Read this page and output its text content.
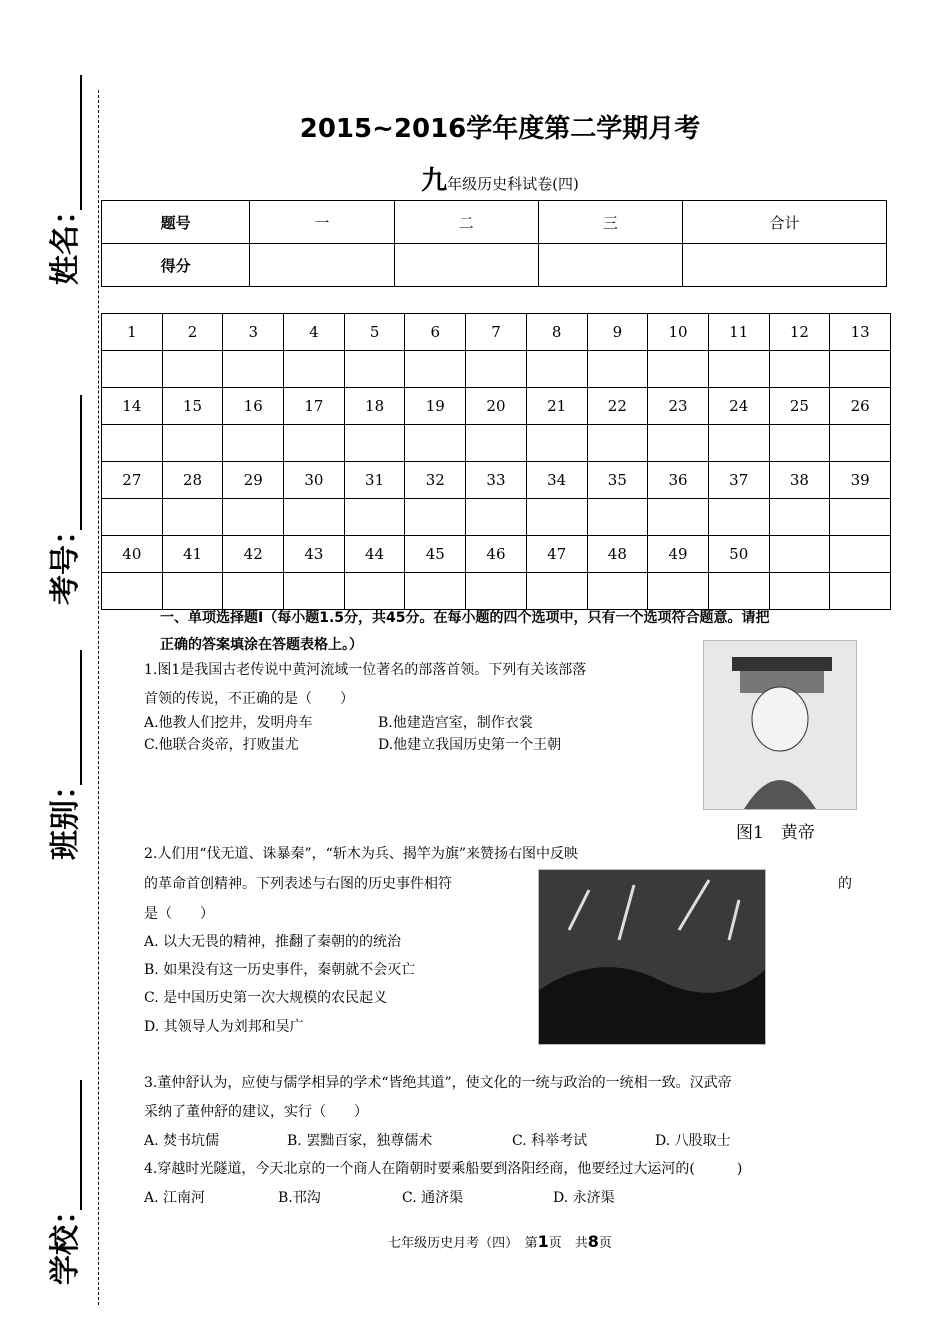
姓名：
考号：
班别：
学校：
2015~2016学年度第二学期月考
九年级历史科试卷(四)
题号	一	二	三	合计
得分				
1	2	3	4	5	6	7	8	9	10	11	12	13

14	15	16	17	18	19	20	21	22	23	24	25	26

27	28	29	30	31	32	33	34	35	36	37	38	39

40	41	42	43	44	45	46	47	48	49	50		

一、单项选择题Ⅰ（每小题1.5分，共45分。在每小题的四个选项中，只有一个选项符合题意。请把
正确的答案填涂在答题表格上。）
1.图1是我国古老传说中黄河流域一位著名的部落首领。下列有关该部落
首领的传说，不正确的是（　　）
A.他教人们挖井，发明舟车	B.他建造宫室，制作衣裳
C.他联合炎帝，打败蚩尤	D.他建立我国历史第一个王朝
图1　黄帝
2.人们用“伐无道、诛暴秦”，“斩木为兵、揭竿为旗”来赞扬右图中反映
的革命首创精神。下列表述与右图的历史事件相符	的
是（　　）
A. 以大无畏的精神，推翻了秦朝的的统治
B. 如果没有这一历史事件，秦朝就不会灭亡
C. 是中国历史第一次大规模的农民起义
D. 其领导人为刘邦和吴广
3.董仲舒认为，应使与儒学相异的学术“皆绝其道”，使文化的一统与政治的一统相一致。汉武帝
采纳了董仲舒的建议，实行（　　）
A. 焚书坑儒	B. 罢黜百家，独尊儒术	C. 科举考试	D. 八股取士
4.穿越时光隧道，今天北京的一个商人在隋朝时要乘船要到洛阳经商，他要经过大运河的(　　　)
A. 江南河	B.邗沟	C. 通济渠	D. 永济渠
七年级历史月考（四）　第1页　共8页
